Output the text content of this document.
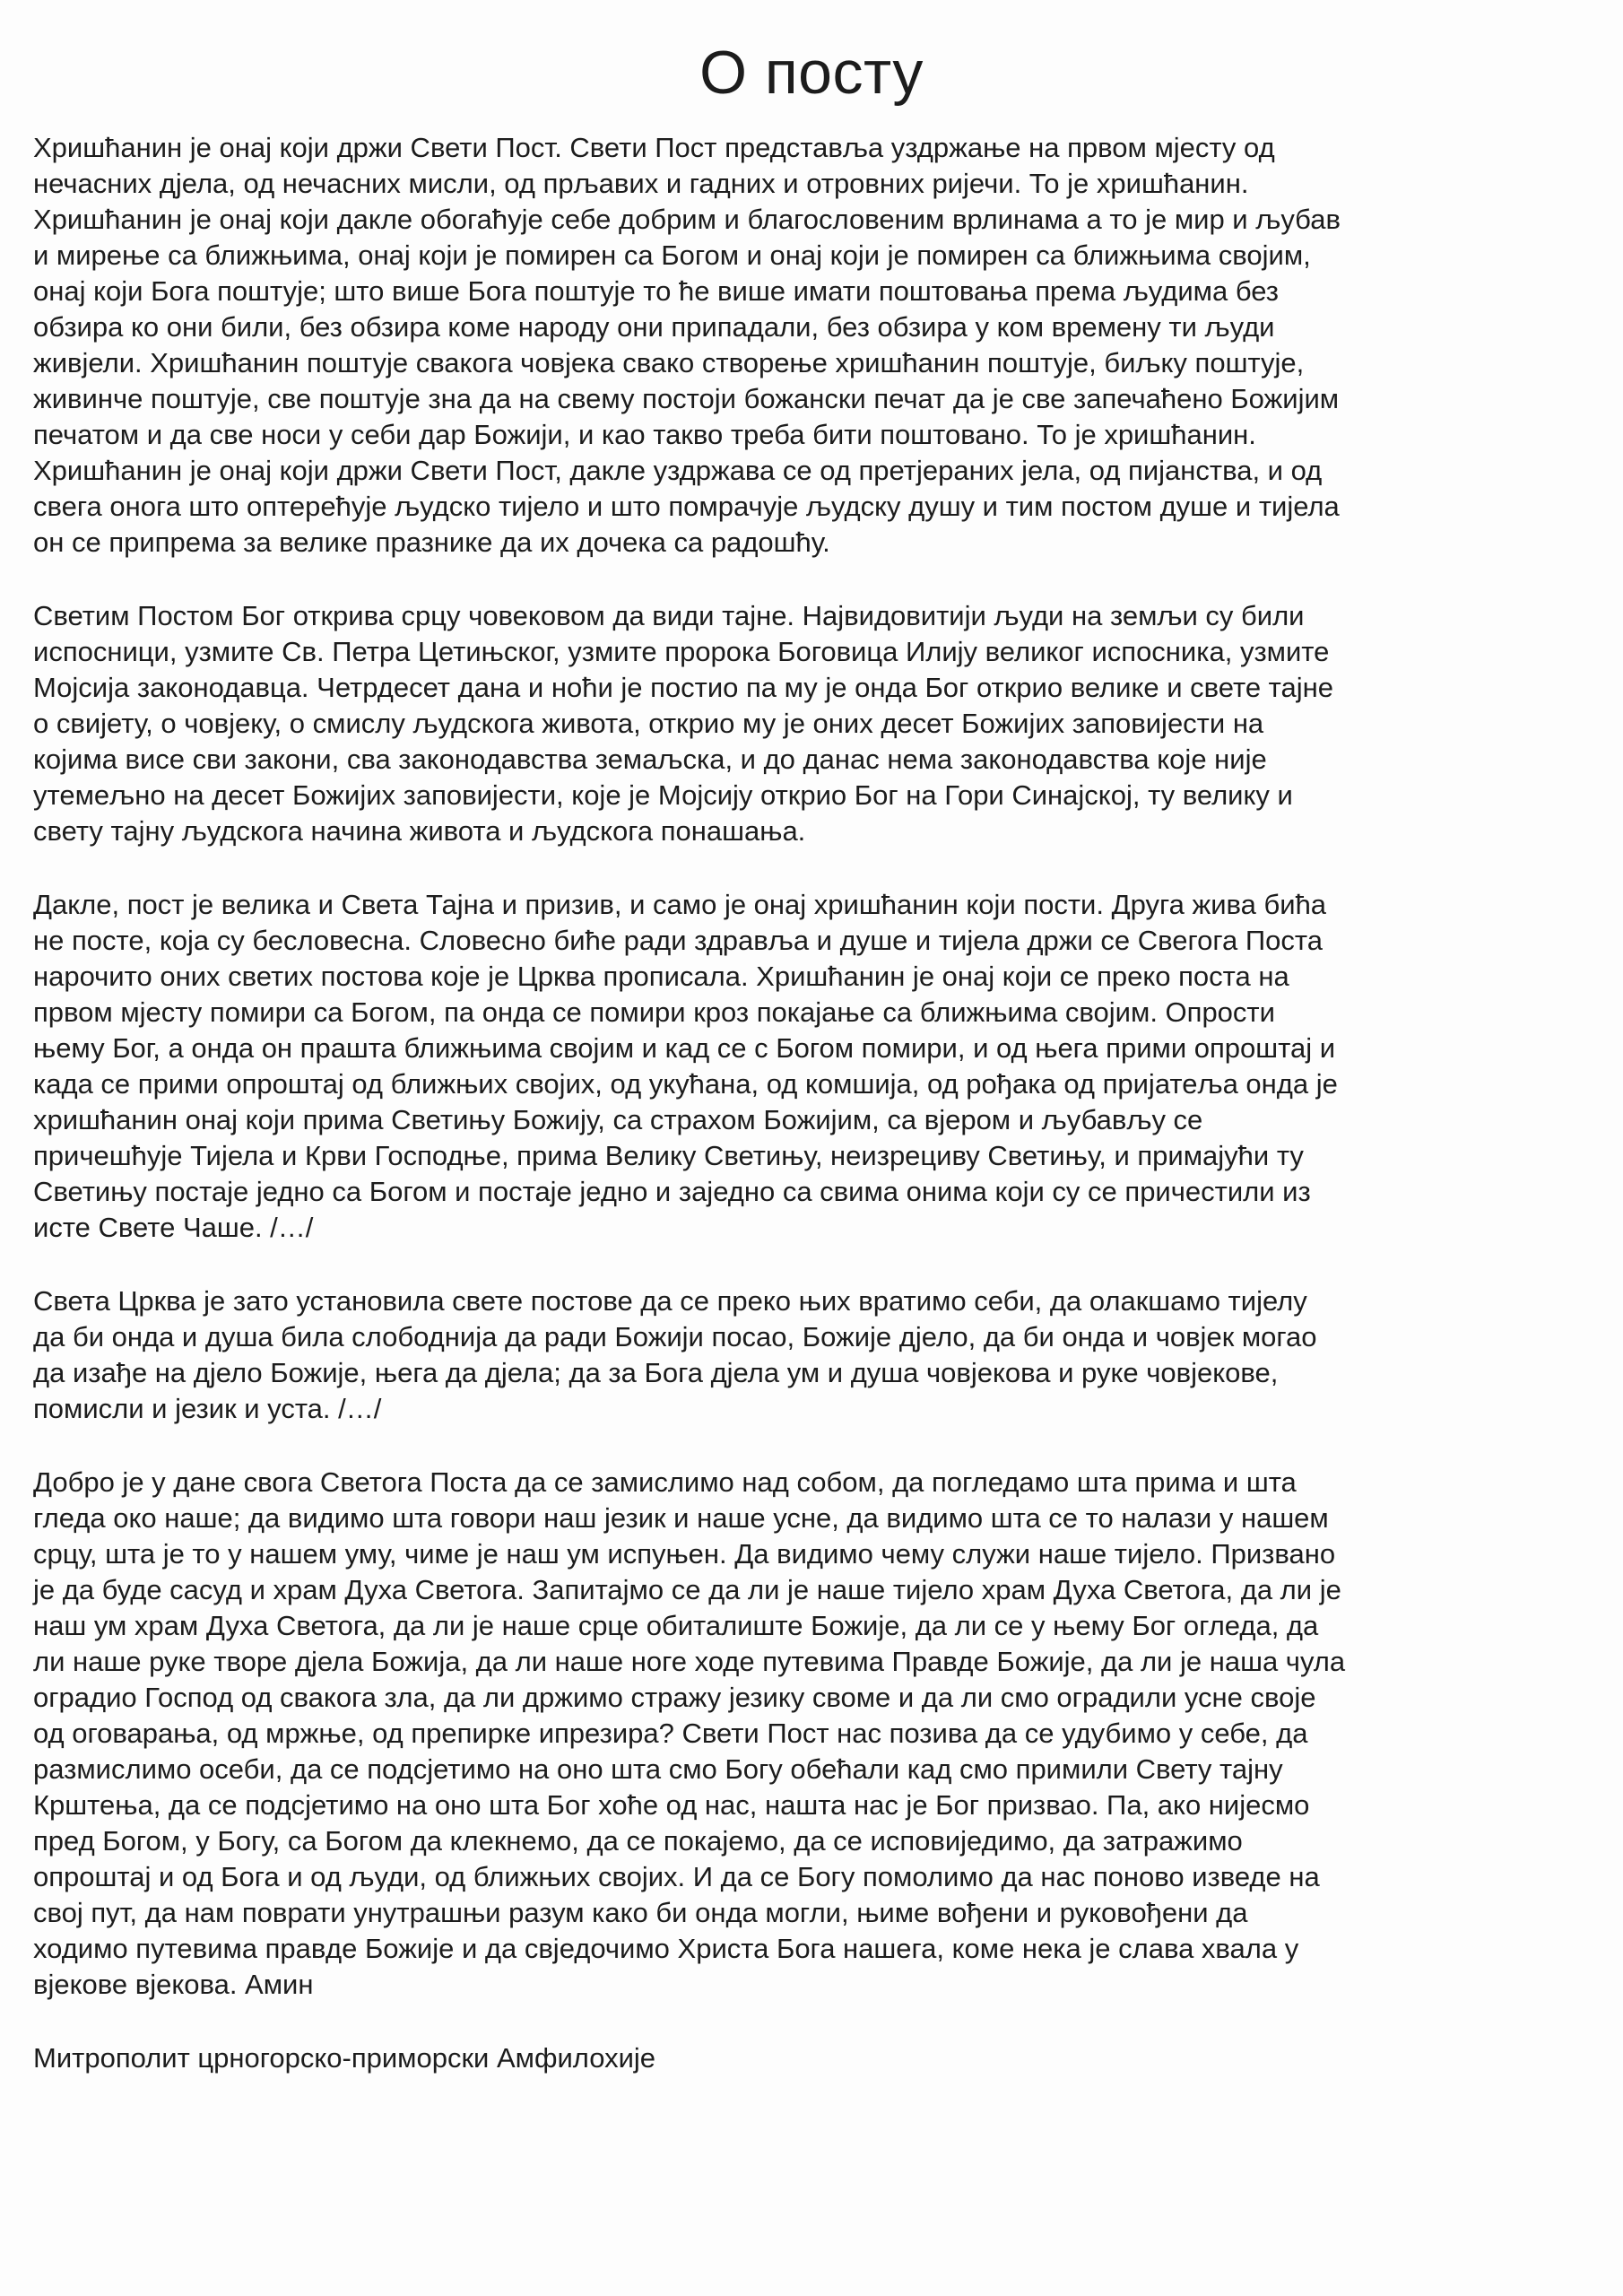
О посту
Хришћанин је онај који држи Свети Пост. Свети Пост представља уздржање на првом мјесту од
нечасних дјела, од нечасних мисли, од прљавих и гадних и отровних ријечи. То је хришћанин.
Хришћанин је онај који дакле обогаћује себе добрим и благословеним врлинама а то је мир и љубав
и мирење са ближњима, онај који је помирен са Богом и онај који је помирен са ближњима својим,
онај који Бога поштује; што више Бога поштује то ће више имати поштовања према људима без
обзира ко они били, без обзира коме народу они припадали, без обзира у ком времену ти људи
живјели. Хришћанин поштује свакога човјека свако створење хришћанин поштује, биљку поштује,
живинче поштује, све поштује зна да на свему постоји божански печат да је све запечаћено Божијим
печатом и да све носи у себи дар Божији, и као такво треба бити поштовано. То је хришћанин.
Хришћанин је онај који држи Свети Пост, дакле уздржава се од претјераних јела, од пијанства, и од
свега онога што оптерећује људско тијело и што помрачује људску душу и тим постом душе и тијела
он се припрема за велике празнике да их дочека са радошћу.
Светим Постом Бог открива срцу човековом да види тајне. Највидовитији људи на земљи су били
испосници, узмите Св. Петра Цетињског, узмите пророка Боговица Илију великог испосника, узмите
Мојсија законодавца. Четрдесет дана и ноћи је постио па му је онда Бог открио велике и свете тајне
о свијету, о човјеку, о смислу људскога живота, открио му је оних десет Божијих заповијести на
којима висе сви закони, сва законодавства земаљска, и до данас нема законодавства које није
утемељно на десет Божијих заповијести, које је Мојсију открио Бог на Гори Синајској, ту велику и
свету тајну људскога начина живота и људскога понашања.
Дакле, пост је велика и Света Тајна и призив, и само је онај хришћанин који пости. Друга жива бића
не посте, која су бесловесна. Словесно биће ради здравља и душе и тијела држи се Свегога Поста
нарочито оних светих постова које је Црква прописала. Хришћанин је онај који се преко поста на
првом мјесту помири са Богом, па онда се помири кроз покајање са ближњима својим. Опрости
њему Бог, а онда он прашта ближњима својим и кад се с Богом помири, и од њега прими опроштај и
када се прими опроштај од ближњих својих, од укућана, од комшија, од рођака од пријатеља онда је
хришћанин онај који прима Светињу Божију, са страхом Божијим, са вјером и љубављу се
причешћује Тијела и Крви Господње, прима Велику Светињу, неизрециву Светињу, и примајући ту
Светињу постаје једно са Богом и постаје једно и заједно са свима онима који су се причестили из
исте Свете Чаше. /…/
Света Црква је зато установила свете постове да се преко њих вратимо себи, да олакшамо тијелу
да би онда и душа била слободнија да ради Божији посао, Божије дјело, да би онда и човјек могао
да изађе на дјело Божије, њега да дјела; да за Бога дјела ум и душа човјекова и руке човјекове,
помисли и језик и уста. /…/
Добро је у дане свога Светога Поста да се замислимо над собом, да погледамо шта прима и шта
гледа око наше; да видимо шта говори наш језик и наше усне, да видимо шта се то налази у нашем
срцу, шта је то у нашем уму, чиме је наш ум испуњен. Да видимо чему служи наше тијело. Призвано
је да буде сасуд и храм Духа Светога. Запитајмо се да ли је наше тијело храм Духа Светога, да ли је
наш ум храм Духа Светога, да ли је наше срце обиталиште Божије, да ли се у њему Бог огледа, да
ли наше руке творе дјела Божија, да ли наше ноге ходе путевима Правде Божије, да ли је наша чула
оградио Господ од свакога зла, да ли држимо стражу језику своме и да ли смо оградили усне своје
од оговарања, од мржње, од препирке ипрезира? Свети Пост нас позива да се удубимо у себе, да
размислимо осеби, да се подсјетимо на оно шта смо Богу обећали кад смо примили Свету тајну
Крштења, да се подсјетимо на оно шта Бог хоће од нас, нашта нас је Бог призвао. Па, ако нијесмо
пред Богом, у Богу, са Богом да клекнемо, да се покајемо, да се исповиједимо, да затражимо
опроштај и од Бога и од људи, од ближњих својих. И да се Богу помолимо да нас поново изведе на
свој пут, да нам поврати унутрашњи разум како би онда могли, њиме вођени и руковођени да
ходимо путевима правде Божије и да свједочимо Христа Бога нашега, коме нека је слава хвала у
вјекове вјекова. Амин

Митрополит црногорско-приморски Амфилохије
